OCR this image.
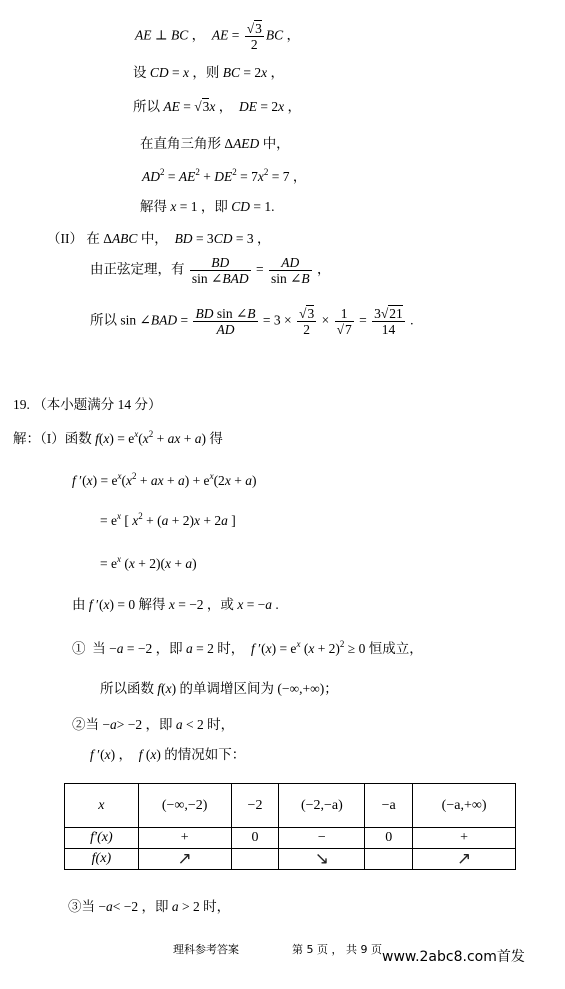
AE ⊥ BC ，  AE = $\frac{√3}{2}$ BC ，
设 CD = x ，则 BC = 2x ，
所以 AE = √3x ，  DE = 2x ，
在直角三角形 ΔAED 中，
$AD^2 = AE^2 + DE^2 = 7x^2 = 7$ ，
解得 x = 1 ，即 CD = 1.
（II） 在 ΔABC 中，  BD = 3CD = 3 ，
由正弦定理，有 $\frac{BD}{\text{sin ∠BAD}} = \frac{AD}{\sin \angle B}$ ，
所以 sin ∠BAD = $\frac{\text{BD sin ∠B}}{AD} = 3 \times \frac{√3}{2} \times \frac{1}{√7} = \frac{3√21}{14}$ .
19. （本小题满分 14 分）
解：（I）函数 $f(x) = e^x(x^2$ + ax + a) 得
f $'(x) = e^x(x^2$ + ax + $a) + e^x(2x + a)$
= $e^x$ [ $x^2 + (a + 2)x + 2a$ ]
= $e^x$ (x + 2)(x + a)
由 f ′(x) = 0 解得 x = −2 ，或 x = −a .
①  当 −a = −2 ，即 a = 2 时，  f $'(x) = e^x$ $(x + 2)^2 \ge 0$ 恒成立，
所以函数 f(x) 的单调增区间为 (−∞,+∞)；
②当 −a> −2 ，即 a < 2 时，
f ′(x) ，  f (x) 的情况如下：
x	(−∞,−2)	−2	(−2,−a)	−a	(−a,+∞)
f′(x)	+	0	−	0	+
f(x)	↗		↘		↗
③当 −a< −2 ，即 a > 2 时，
理科参考答案	第 5 页 ， 共 9 页 www.2abc8.com首发
